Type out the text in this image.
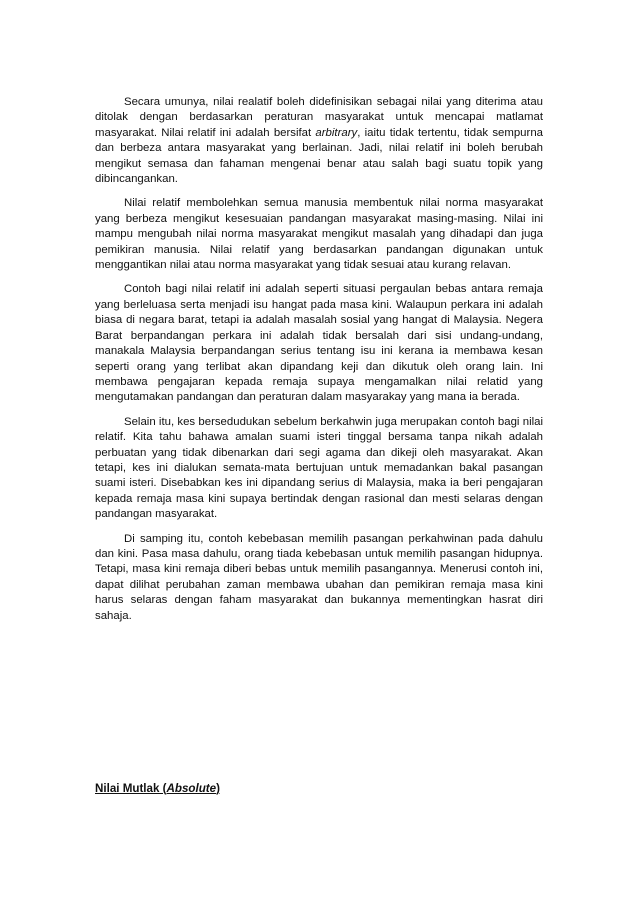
Secara umunya, nilai realatif boleh didefinisikan sebagai nilai yang diterima atau ditolak dengan berdasarkan peraturan masyarakat untuk mencapai matlamat masyarakat. Nilai relatif ini adalah bersifat arbitrary, iaitu tidak tertentu, tidak sempurna dan berbeza antara masyarakat yang berlainan. Jadi, nilai relatif ini boleh berubah mengikut semasa dan fahaman mengenai benar atau salah bagi suatu topik yang dibincangankan.

Nilai relatif membolehkan semua manusia membentuk nilai norma masyarakat yang berbeza mengikut kesesuaian pandangan masyarakat masing-masing. Nilai ini mampu mengubah nilai norma masyarakat mengikut masalah yang dihadapi dan juga pemikiran manusia. Nilai relatif yang berdasarkan pandangan digunakan untuk menggantikan nilai atau norma masyarakat yang tidak sesuai atau kurang relavan.

Contoh bagi nilai relatif ini adalah seperti situasi pergaulan bebas antara remaja yang berleluasa serta menjadi isu hangat pada masa kini. Walaupun perkara ini adalah biasa di negara barat, tetapi ia adalah masalah sosial yang hangat di Malaysia. Negera Barat berpandangan perkara ini adalah tidak bersalah dari sisi undang-undang, manakala Malaysia berpandangan serius tentang isu ini kerana ia membawa kesan seperti orang yang terlibat akan dipandang keji dan dikutuk oleh orang lain. Ini membawa pengajaran kepada remaja supaya mengamalkan nilai relatid yang mengutamakan pandangan dan peraturan dalam masyarakay yang mana ia berada.

Selain itu, kes bersedudukan sebelum berkahwin juga merupakan contoh bagi nilai relatif. Kita tahu bahawa amalan suami isteri tinggal bersama tanpa nikah adalah perbuatan yang tidak dibenarkan dari segi agama dan dikeji oleh masyarakat. Akan tetapi, kes ini dialukan semata-mata bertujuan untuk memadankan bakal pasangan suami isteri. Disebabkan kes ini dipandang serius di Malaysia, maka ia beri pengajaran kepada remaja masa kini supaya bertindak dengan rasional dan mesti selaras dengan pandangan masyarakat.

Di samping itu, contoh kebebasan memilih pasangan perkahwinan pada dahulu dan kini. Pasa masa dahulu, orang tiada kebebasan untuk memilih pasangan hidupnya. Tetapi, masa kini remaja diberi bebas untuk memilih pasangannya. Menerusi contoh ini, dapat dilihat perubahan zaman membawa ubahan dan pemikiran remaja masa kini harus selaras dengan faham masyarakat dan bukannya mementingkan hasrat diri sahaja.

Nilai Mutlak (Absolute)
